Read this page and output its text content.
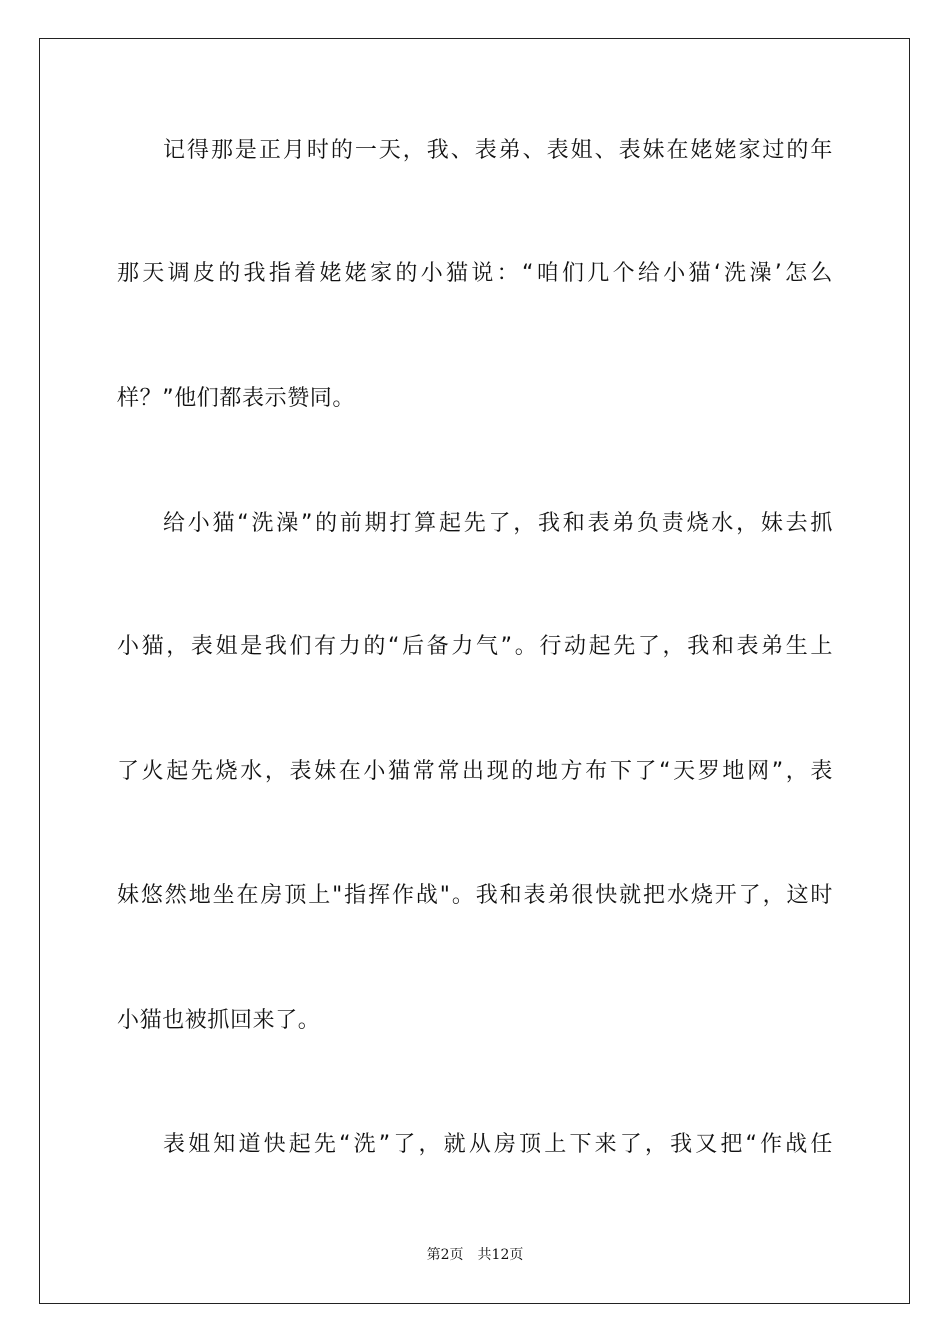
记得那是正月时的一天，我、表弟、表姐、表妹在姥姥家过的年
那天调皮的我指着姥姥家的小猫说：“咱们几个给小猫‘洗澡’怎么
样？”他们都表示赞同。
给小猫“洗澡”的前期打算起先了，我和表弟负责烧水，妹去抓
小猫，表姐是我们有力的“后备力气”。行动起先了，我和表弟生上
了火起先烧水，表妹在小猫常常出现的地方布下了“天罗地网”，表
妹悠然地坐在房顶上"指挥作战"。我和表弟很快就把水烧开了，这时
小猫也被抓回来了。
表姐知道快起先“洗”了，就从房顶上下来了，我又把“作战任
第2页 共12页
